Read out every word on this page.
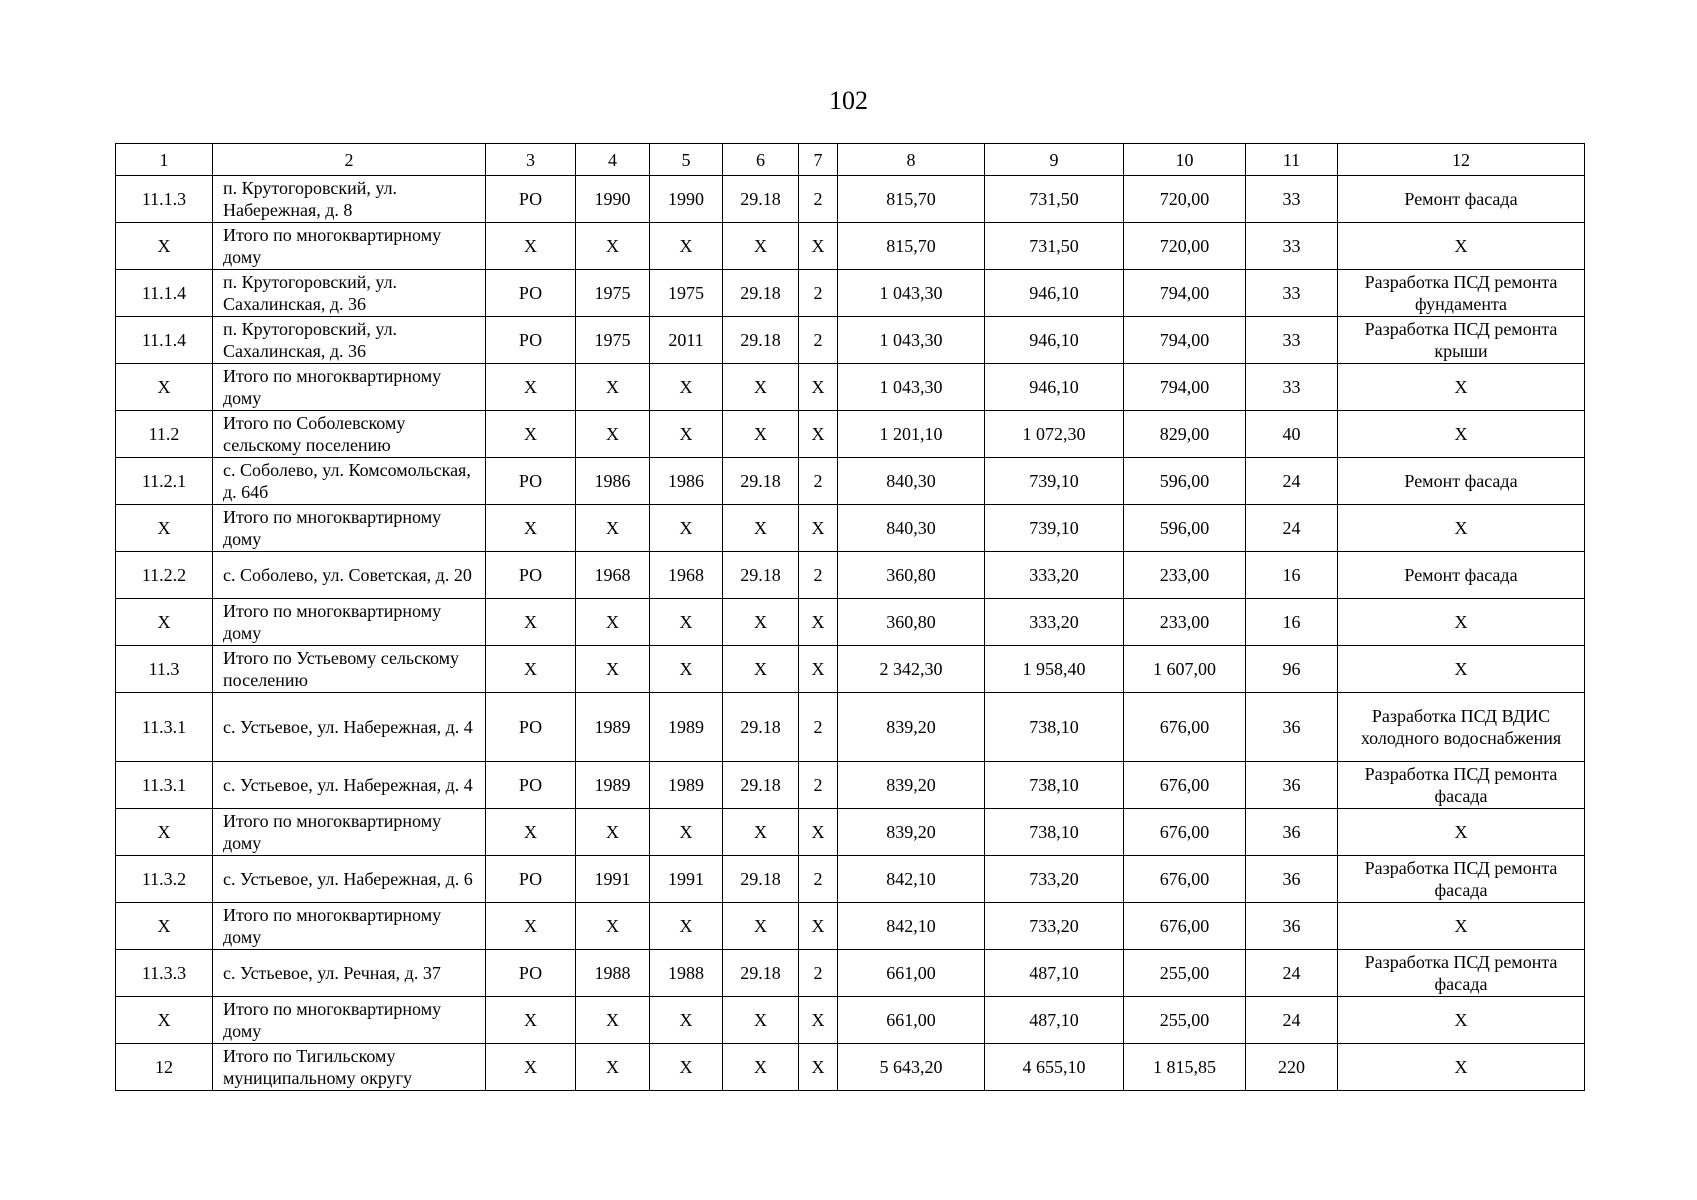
102
1	2	3	4	5	6	7	8	9	10	11	12
11.1.3	п. Крутогоровский, ул. Набережная, д. 8	РО	1990	1990	29.18	2	815,70	731,50	720,00	33	Ремонт фасада
X	Итого по многоквартирному дому	X	X	X	X	X	815,70	731,50	720,00	33	X
11.1.4	п. Крутогоровский, ул. Сахалинская, д. 36	РО	1975	1975	29.18	2	1 043,30	946,10	794,00	33	Разработка ПСД ремонта фундамента
11.1.4	п. Крутогоровский, ул. Сахалинская, д. 36	РО	1975	2011	29.18	2	1 043,30	946,10	794,00	33	Разработка ПСД ремонта крыши
X	Итого по многоквартирному дому	X	X	X	X	X	1 043,30	946,10	794,00	33	X
11.2	Итого по Соболевскому сельскому поселению	X	X	X	X	X	1 201,10	1 072,30	829,00	40	X
11.2.1	с. Соболево, ул. Комсомольская, д. 64б	РО	1986	1986	29.18	2	840,30	739,10	596,00	24	Ремонт фасада
X	Итого по многоквартирному дому	X	X	X	X	X	840,30	739,10	596,00	24	X
11.2.2	с. Соболево, ул. Советская, д. 20	РО	1968	1968	29.18	2	360,80	333,20	233,00	16	Ремонт фасада
X	Итого по многоквартирному дому	X	X	X	X	X	360,80	333,20	233,00	16	X
11.3	Итого по Устьевому сельскому поселению	X	X	X	X	X	2 342,30	1 958,40	1 607,00	96	X
11.3.1	с. Устьевое, ул. Набережная, д. 4	РО	1989	1989	29.18	2	839,20	738,10	676,00	36	Разработка ПСД ВДИС холодного водоснабжения
11.3.1	с. Устьевое, ул. Набережная, д. 4	РО	1989	1989	29.18	2	839,20	738,10	676,00	36	Разработка ПСД ремонта фасада
X	Итого по многоквартирному дому	X	X	X	X	X	839,20	738,10	676,00	36	X
11.3.2	с. Устьевое, ул. Набережная, д. 6	РО	1991	1991	29.18	2	842,10	733,20	676,00	36	Разработка ПСД ремонта фасада
X	Итого по многоквартирному дому	X	X	X	X	X	842,10	733,20	676,00	36	X
11.3.3	с. Устьевое, ул. Речная, д. 37	РО	1988	1988	29.18	2	661,00	487,10	255,00	24	Разработка ПСД ремонта фасада
X	Итого по многоквартирному дому	X	X	X	X	X	661,00	487,10	255,00	24	X
12	Итого по Тигильскому муниципальному округу	X	X	X	X	X	5 643,20	4 655,10	1 815,85	220	X
